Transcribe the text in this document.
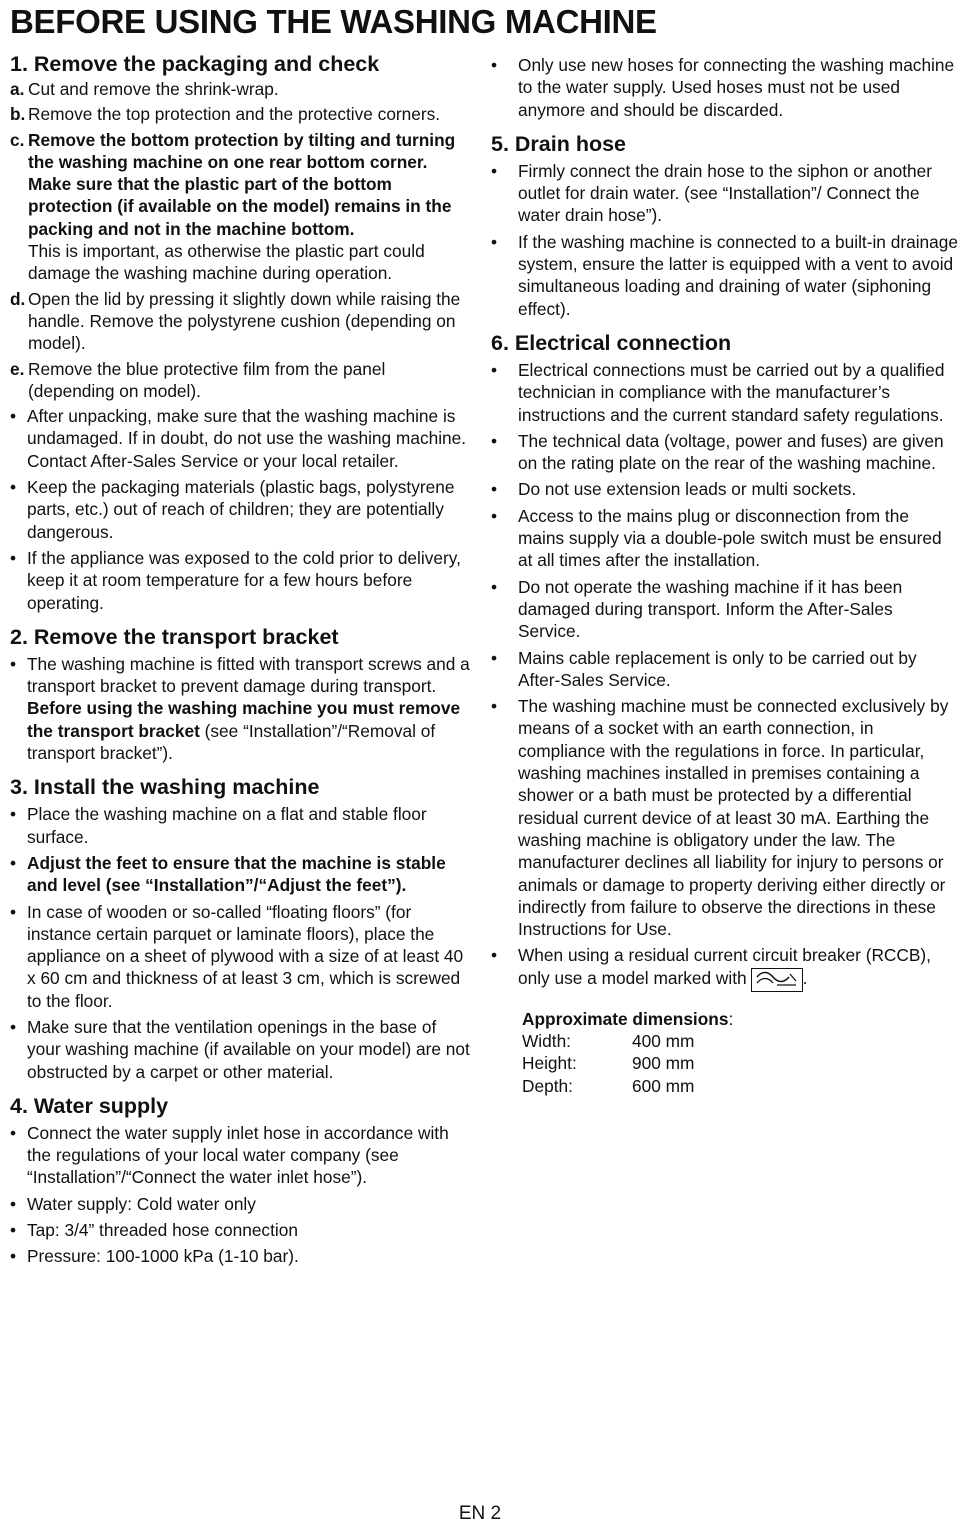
BEFORE USING THE WASHING MACHINE
1. Remove the packaging and check
a. Cut and remove the shrink-wrap.

b. Remove the top protection and the protective corners.

c. Remove the bottom protection by tilting and turning the washing machine on one rear bottom corner. Make sure that the plastic part of the bottom protection (if available on the model) remains in the packing and not in the machine bottom.

This is important, as otherwise the plastic part could damage the washing machine during operation.

d. Open the lid by pressing it slightly down while raising the handle. Remove the polystyrene cushion (depending on model).

e. Remove the blue protective film from the panel (depending on model).

• After unpacking, make sure that the washing machine is undamaged. If in doubt, do not use the washing machine. Contact After-Sales Service or your local retailer.

• Keep the packaging materials (plastic bags, polystyrene parts, etc.) out of reach of children; they are potentially dangerous.

• If the appliance was exposed to the cold prior to delivery, keep it at room temperature for a few hours before operating.

2. Remove the transport bracket
• The washing machine is fitted with transport screws and a transport bracket to prevent damage during transport. Before using the washing machine you must remove the transport bracket (see “Installation”/“Removal of transport bracket”).

3. Install the washing machine
• Place the washing machine on a flat and stable floor surface.

• Adjust the feet to ensure that the machine is stable and level (see “Installation”/“Adjust the feet”).

• In case of wooden or so-called “floating floors” (for instance certain parquet or laminate floors), place the appliance on a sheet of plywood with a size of at least 40 x 60 cm and thickness of at least 3 cm, which is screwed to the floor.

• Make sure that the ventilation openings in the base of your washing machine (if available on your model) are not obstructed by a carpet or other material.

4. Water supply
• Connect the water supply inlet hose in accordance with the regulations of your local water company (see “Installation”/“Connect the water inlet hose”).

• Water supply: Cold water only

• Tap: 3/4” threaded hose connection

• Pressure: 100-1000 kPa (1-10 bar).

• Only use new hoses for connecting the washing machine to the water supply. Used hoses must not be used anymore and should be discarded.

5. Drain hose
• Firmly connect the drain hose to the siphon or another outlet for drain water. (see “Installation”/ Connect the water drain hose”).

• If the washing machine is connected to a built-in drainage system, ensure the latter is equipped with a vent to avoid simultaneous loading and draining of water (siphoning effect).

6. Electrical connection
• Electrical connections must be carried out by a qualified technician in compliance with the manufacturer’s instructions and the current standard safety regulations.

• The technical data (voltage, power and fuses) are given on the rating plate on the rear of the washing machine.

• Do not use extension leads or multi sockets.

• Access to the mains plug or disconnection from the mains supply via a double-pole switch must be ensured at all times after the installation.

• Do not operate the washing machine if it has been damaged during transport. Inform the After-Sales Service.

• Mains cable replacement is only to be carried out by After-Sales Service.

• The washing machine must be connected exclusively by means of a socket with an earth connection, in compliance with the regulations in force. In particular, washing machines installed in premises containing a shower or a bath must be protected by a differential residual current device of at least 30 mA. Earthing the washing machine is obligatory under the law. The manufacturer declines all liability for injury to persons or animals or damage to property deriving either directly or indirectly from failure to observe the directions in these Instructions for Use.

• When using a residual current circuit breaker (RCCB), only use a model marked with	.

Approximate dimensions:
Width:	400 mm
Height:	900 mm
Depth:	600 mm
EN 2
